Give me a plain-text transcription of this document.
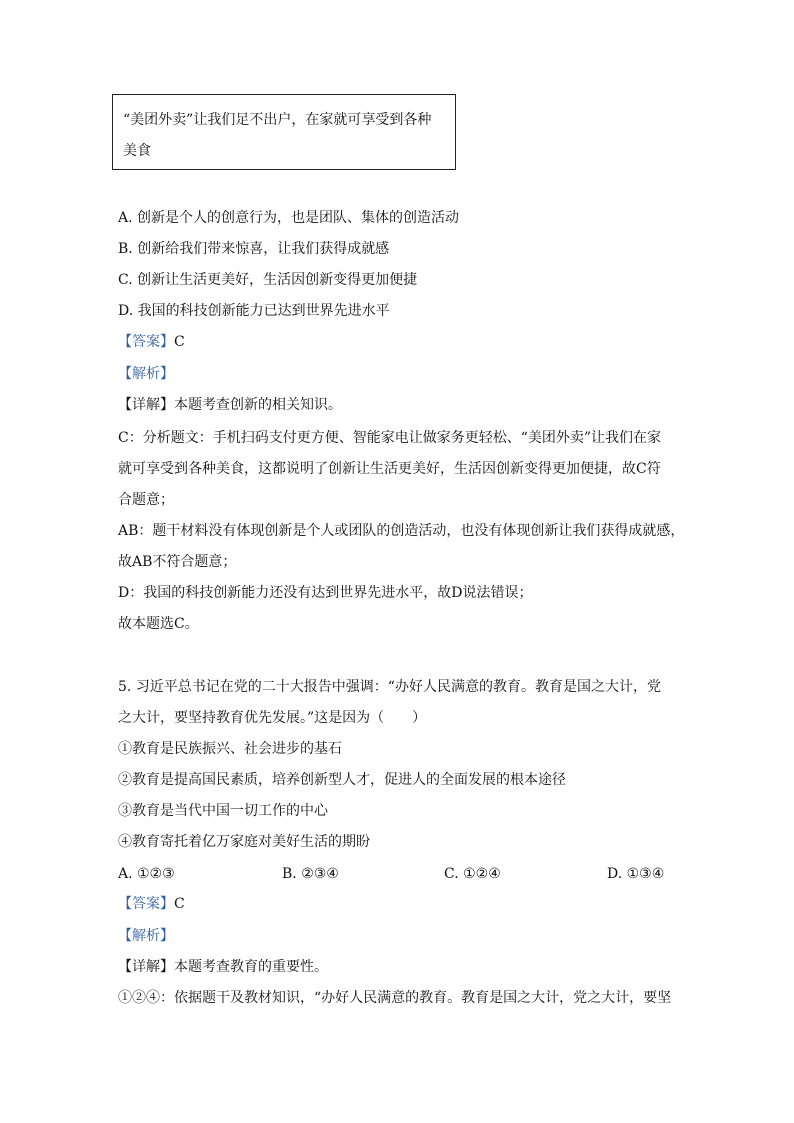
“美团外卖”让我们足不出户，在家就可享受到各种美食
A. 创新是个人的创意行为，也是团队、集体的创造活动
B. 创新给我们带来惊喜，让我们获得成就感
C. 创新让生活更美好，生活因创新变得更加便捷
D. 我国的科技创新能力已达到世界先进水平
【答案】C
【解析】
【详解】本题考查创新的相关知识。
C：分析题文：手机扫码支付更方便、智能家电让做家务更轻松、“美团外卖”让我们在家
就可享受到各种美食，这都说明了创新让生活更美好，生活因创新变得更加便捷，故C符
合题意；
AB：题干材料没有体现创新是个人或团队的创造活动，也没有体现创新让我们获得成就感，
故AB不符合题意；
D：我国的科技创新能力还没有达到世界先进水平，故D说法错误；
故本题选C。
5. 习近平总书记在党的二十大报告中强调：“办好人民满意的教育。教育是国之大计，党
之大计，要坚持教育优先发展。”这是因为（　　）
①教育是民族振兴、社会进步的基石
②教育是提高国民素质，培养创新型人才，促进人的全面发展的根本途径
③教育是当代中国一切工作的中心
④教育寄托着亿万家庭对美好生活的期盼
A. ①②③	B. ②③④	C. ①②④	D. ①③④
【答案】C
【解析】
【详解】本题考查教育的重要性。
①②④：依据题干及教材知识，“办好人民满意的教育。教育是国之大计，党之大计，要坚
